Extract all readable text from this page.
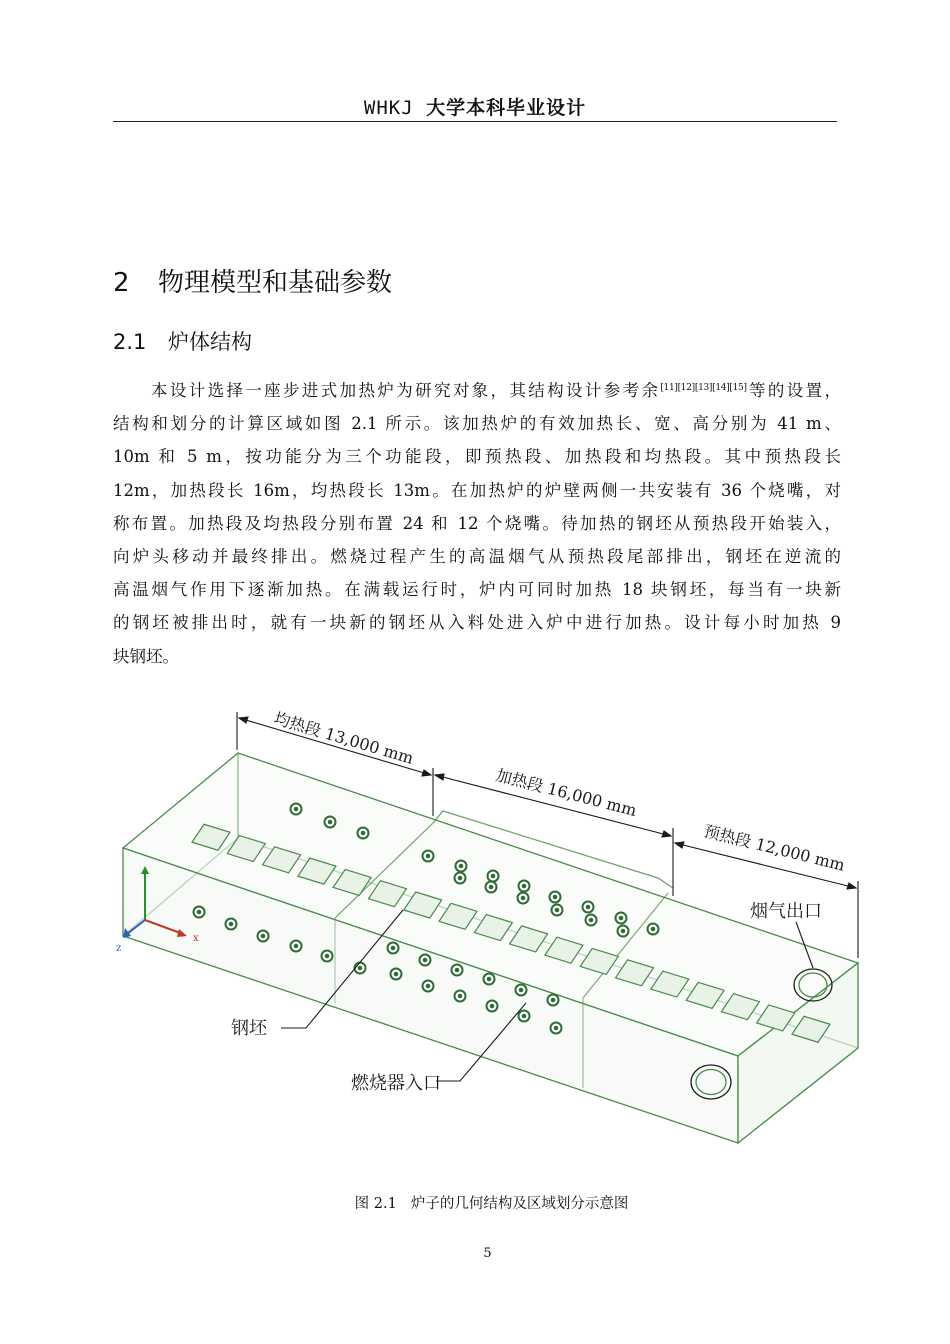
WHKJ 大学本科毕业设计
2 物理模型和基础参数
2.1 炉体结构
本设计选择一座步进式加热炉为研究对象，其结构设计参考余[11][12][13][14][15]等的设置，
结构和划分的计算区域如图 2.1 所示。该加热炉的有效加热长、宽、高分别为 41 m、
10m 和 5 m，按功能分为三个功能段，即预热段、加热段和均热段。其中预热段长
12m，加热段长 16m，均热段长 13m。在加热炉的炉壁两侧一共安装有 36 个烧嘴，对
称布置。加热段及均热段分别布置 24 和 12 个烧嘴。待加热的钢坯从预热段开始装入，
向炉头移动并最终排出。燃烧过程产生的高温烟气从预热段尾部排出，钢坯在逆流的
高温烟气作用下逐渐加热。在满载运行时，炉内可同时加热 18 块钢坯，每当有一块新
的钢坯被排出时，就有一块新的钢坯从入料处进入炉中进行加热。设计每小时加热 9
块钢坯。
z
x
均热段 13,000 mm
加热段 16,000 mm
预热段 12,000 mm
烟气出口
钢坯
燃烧器入口
图 2.1 炉子的几何结构及区域划分示意图
5
